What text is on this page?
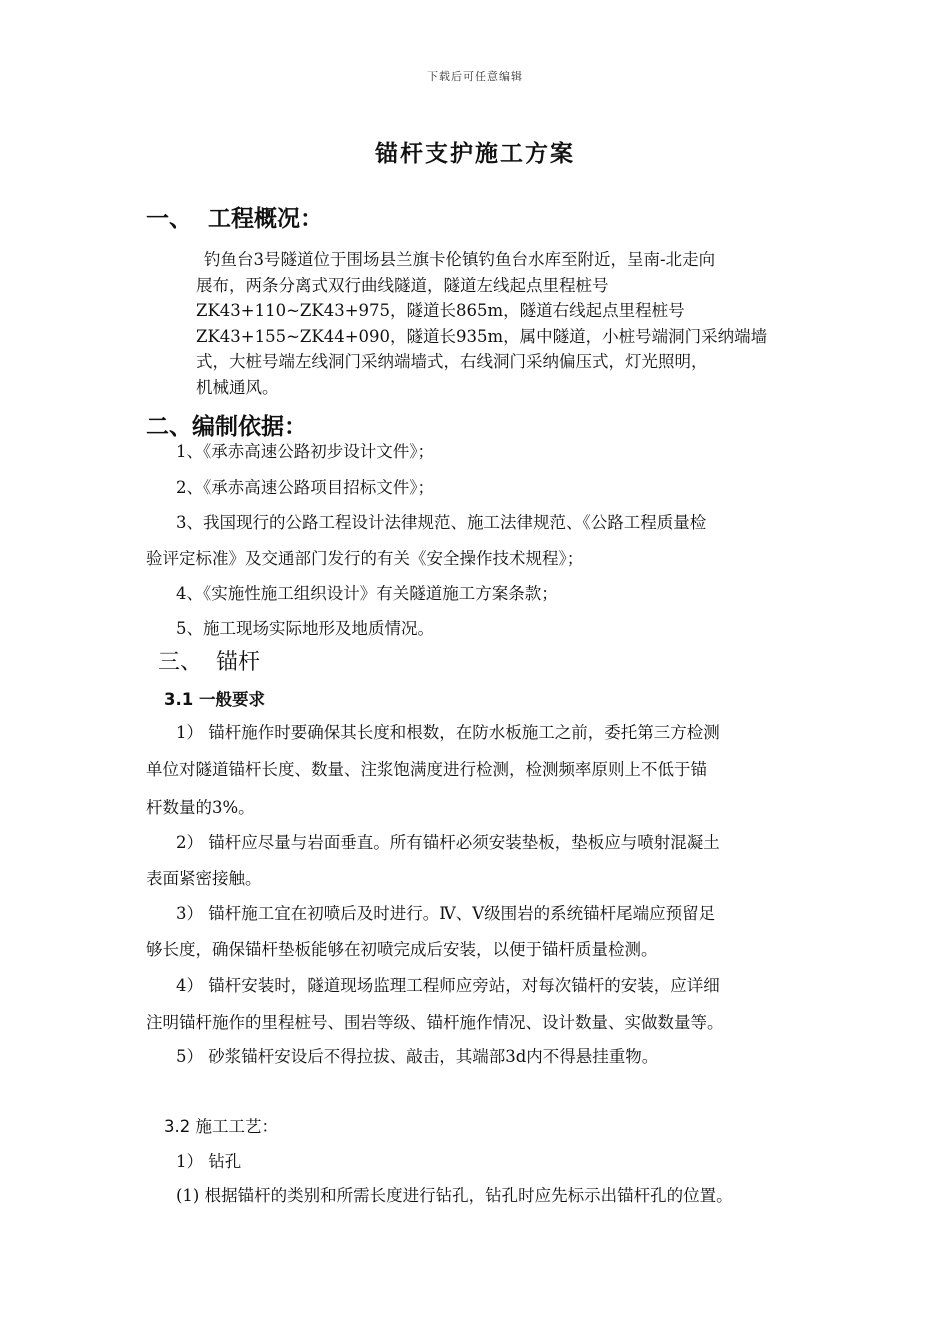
下载后可任意编辑
锚杆支护施工方案
一、  工程概况：
钓鱼台3号隧道位于围场县兰旗卡伦镇钓鱼台水库至附近，呈南-北走向
展布，两条分离式双行曲线隧道，隧道左线起点里程桩号
ZK43+110~ZK43+975，隧道长865m，隧道右线起点里程桩号
ZK43+155~ZK44+090，隧道长935m，属中隧道，小桩号端洞门采纳端墙
式，大桩号端左线洞门采纳端墙式，右线洞门采纳偏压式，灯光照明，
机械通风。
二、编制依据：
1、《承赤高速公路初步设计文件》；
2、《承赤高速公路项目招标文件》；
3、我国现行的公路工程设计法律规范、施工法律规范、《公路工程质量检
验评定标准》及交通部门发行的有关《安全操作技术规程》；
4、《实施性施工组织设计》有关隧道施工方案条款；
5、施工现场实际地形及地质情况。
三、  锚杆
3.1 一般要求
1） 锚杆施作时要确保其长度和根数，在防水板施工之前，委托第三方检测
单位对隧道锚杆长度、数量、注浆饱满度进行检测，检测频率原则上不低于锚
杆数量的3%。
2） 锚杆应尽量与岩面垂直。所有锚杆必须安装垫板，垫板应与喷射混凝土
表面紧密接触。
3） 锚杆施工宜在初喷后及时进行。Ⅳ、Ⅴ级围岩的系统锚杆尾端应预留足
够长度，确保锚杆垫板能够在初喷完成后安装，以便于锚杆质量检测。
4） 锚杆安装时，隧道现场监理工程师应旁站，对每次锚杆的安装，应详细
注明锚杆施作的里程桩号、围岩等级、锚杆施作情况、设计数量、实做数量等。
5） 砂浆锚杆安设后不得拉拔、敲击，其端部3d内不得悬挂重物。
3.2 施工工艺：
1） 钻孔
(1) 根据锚杆的类别和所需长度进行钻孔，钻孔时应先标示出锚杆孔的位置。
